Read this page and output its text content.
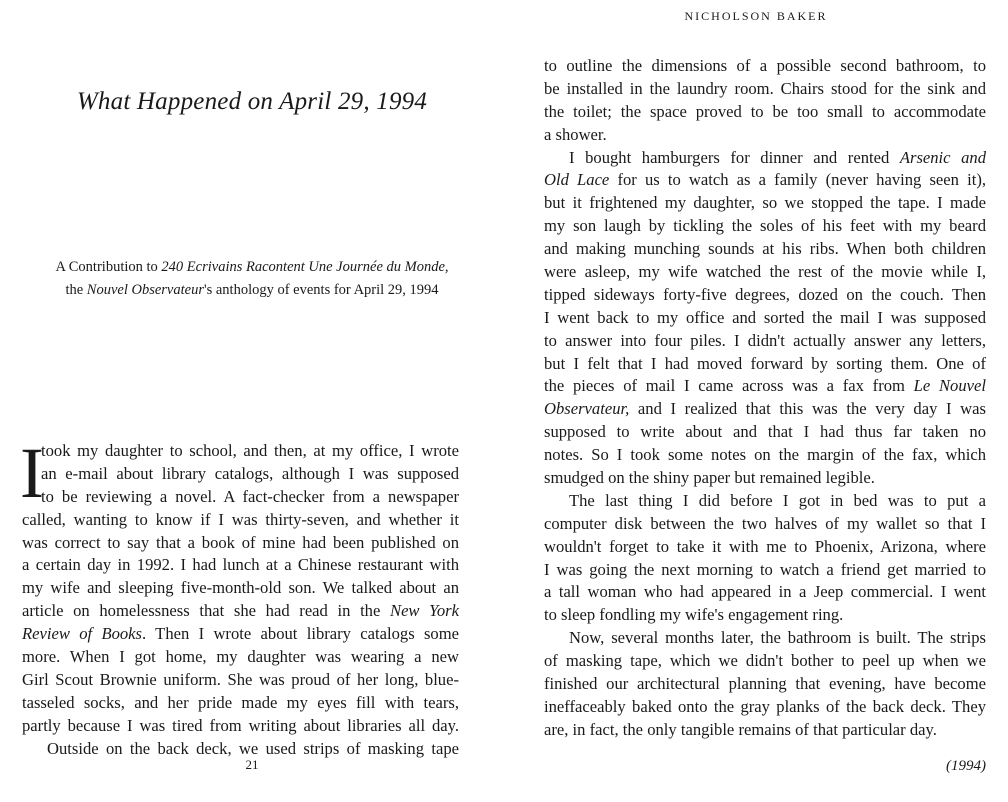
What Happened on April 29, 1994
A Contribution to 240 Ecrivains Racontent Une Journée du Monde,
the Nouvel Observateur's anthology of events for April 29, 1994
I
took my daughter to school, and then, at my office, I wrote
an e-mail about library catalogs, although I was supposed
to be reviewing a novel. A fact-checker from a newspaper
called, wanting to know if I was thirty-seven, and whether it
was correct to say that a book of mine had been published on
a certain day in 1992. I had lunch at a Chinese restaurant with
my wife and sleeping five-month-old son. We talked about an
article on homelessness that she had read in the New York
Review of Books. Then I wrote about library catalogs some
more. When I got home, my daughter was wearing a new
Girl Scout Brownie uniform. She was proud of her long, blue-
tasseled socks, and her pride made my eyes fill with tears,
partly because I was tired from writing about libraries all day.
Outside on the back deck, we used strips of masking tape
21
NICHOLSON BAKER
to outline the dimensions of a possible second bathroom, to
be installed in the laundry room. Chairs stood for the sink and
the toilet; the space proved to be too small to accommodate
a shower.
I bought hamburgers for dinner and rented Arsenic and
Old Lace for us to watch as a family (never having seen it),
but it frightened my daughter, so we stopped the tape. I made
my son laugh by tickling the soles of his feet with my beard
and making munching sounds at his ribs. When both children
were asleep, my wife watched the rest of the movie while I,
tipped sideways forty-five degrees, dozed on the couch. Then
I went back to my office and sorted the mail I was supposed
to answer into four piles. I didn't actually answer any letters,
but I felt that I had moved forward by sorting them. One of
the pieces of mail I came across was a fax from Le Nouvel
Observateur, and I realized that this was the very day I was
supposed to write about and that I had thus far taken no
notes. So I took some notes on the margin of the fax, which
smudged on the shiny paper but remained legible.
The last thing I did before I got in bed was to put a
computer disk between the two halves of my wallet so that I
wouldn't forget to take it with me to Phoenix, Arizona, where
I was going the next morning to watch a friend get married to
a tall woman who had appeared in a Jeep commercial. I went
to sleep fondling my wife's engagement ring.
Now, several months later, the bathroom is built. The strips
of masking tape, which we didn't bother to peel up when we
finished our architectural planning that evening, have become
ineffaceably baked onto the gray planks of the back deck. They
are, in fact, the only tangible remains of that particular day.
(1994)
